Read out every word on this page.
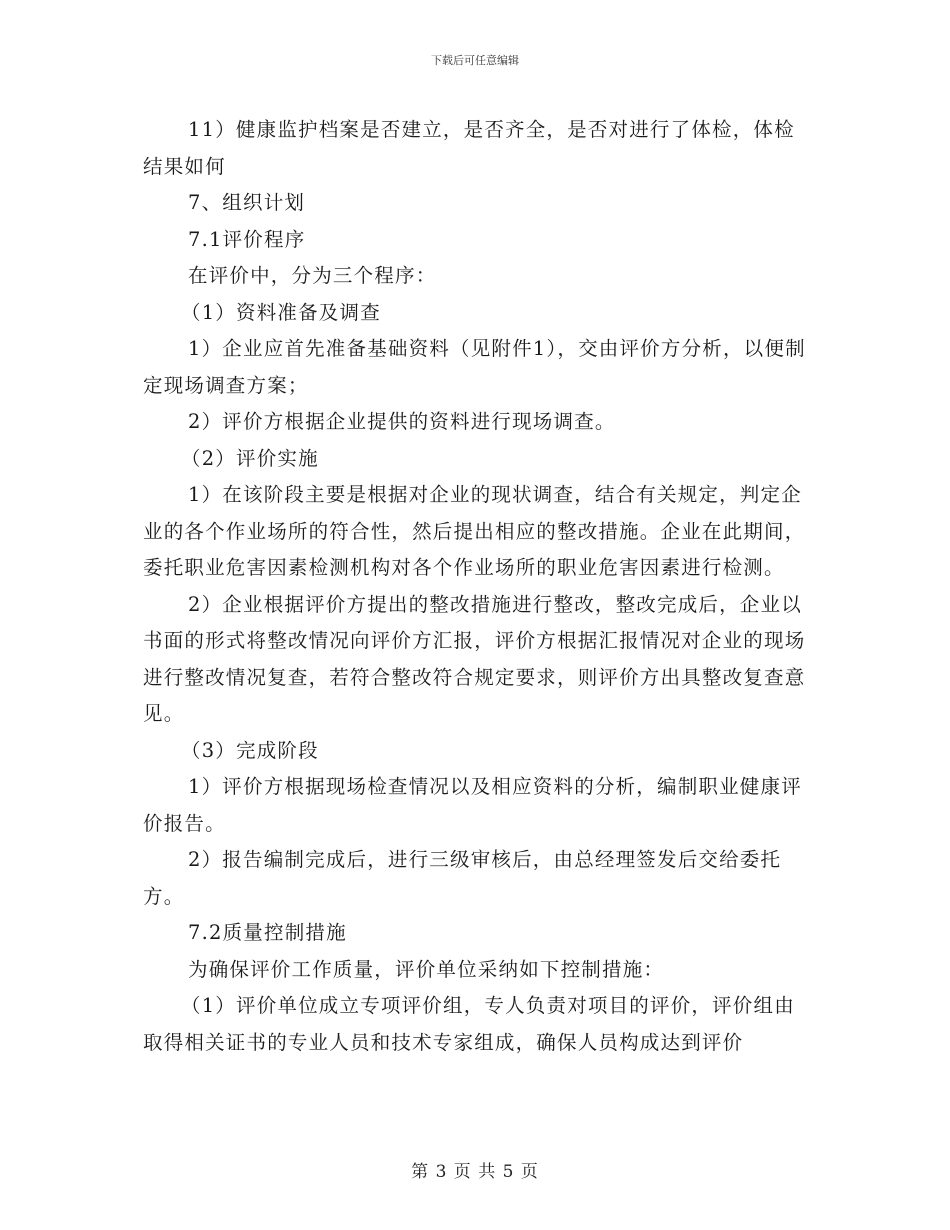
下载后可任意编辑

11）健康监护档案是否建立，是否齐全，是否对进行了体检，体检结果如何

7、组织计划

7.1评价程序

在评价中，分为三个程序：

（1）资料准备及调查

1）企业应首先准备基础资料（见附件1），交由评价方分析，以便制定现场调查方案；

2）评价方根据企业提供的资料进行现场调查。

（2）评价实施

1）在该阶段主要是根据对企业的现状调查，结合有关规定，判定企业的各个作业场所的符合性，然后提出相应的整改措施。企业在此期间，委托职业危害因素检测机构对各个作业场所的职业危害因素进行检测。

2）企业根据评价方提出的整改措施进行整改，整改完成后，企业以书面的形式将整改情况向评价方汇报，评价方根据汇报情况对企业的现场进行整改情况复查，若符合整改符合规定要求，则评价方出具整改复查意见。

（3）完成阶段

1）评价方根据现场检查情况以及相应资料的分析，编制职业健康评价报告。

2）报告编制完成后，进行三级审核后，由总经理签发后交给委托方。

7.2质量控制措施

为确保评价工作质量，评价单位采纳如下控制措施：

（1）评价单位成立专项评价组，专人负责对项目的评价，评价组由取得相关证书的专业人员和技术专家组成，确保人员构成达到评价

第 3 页 共 5 页
